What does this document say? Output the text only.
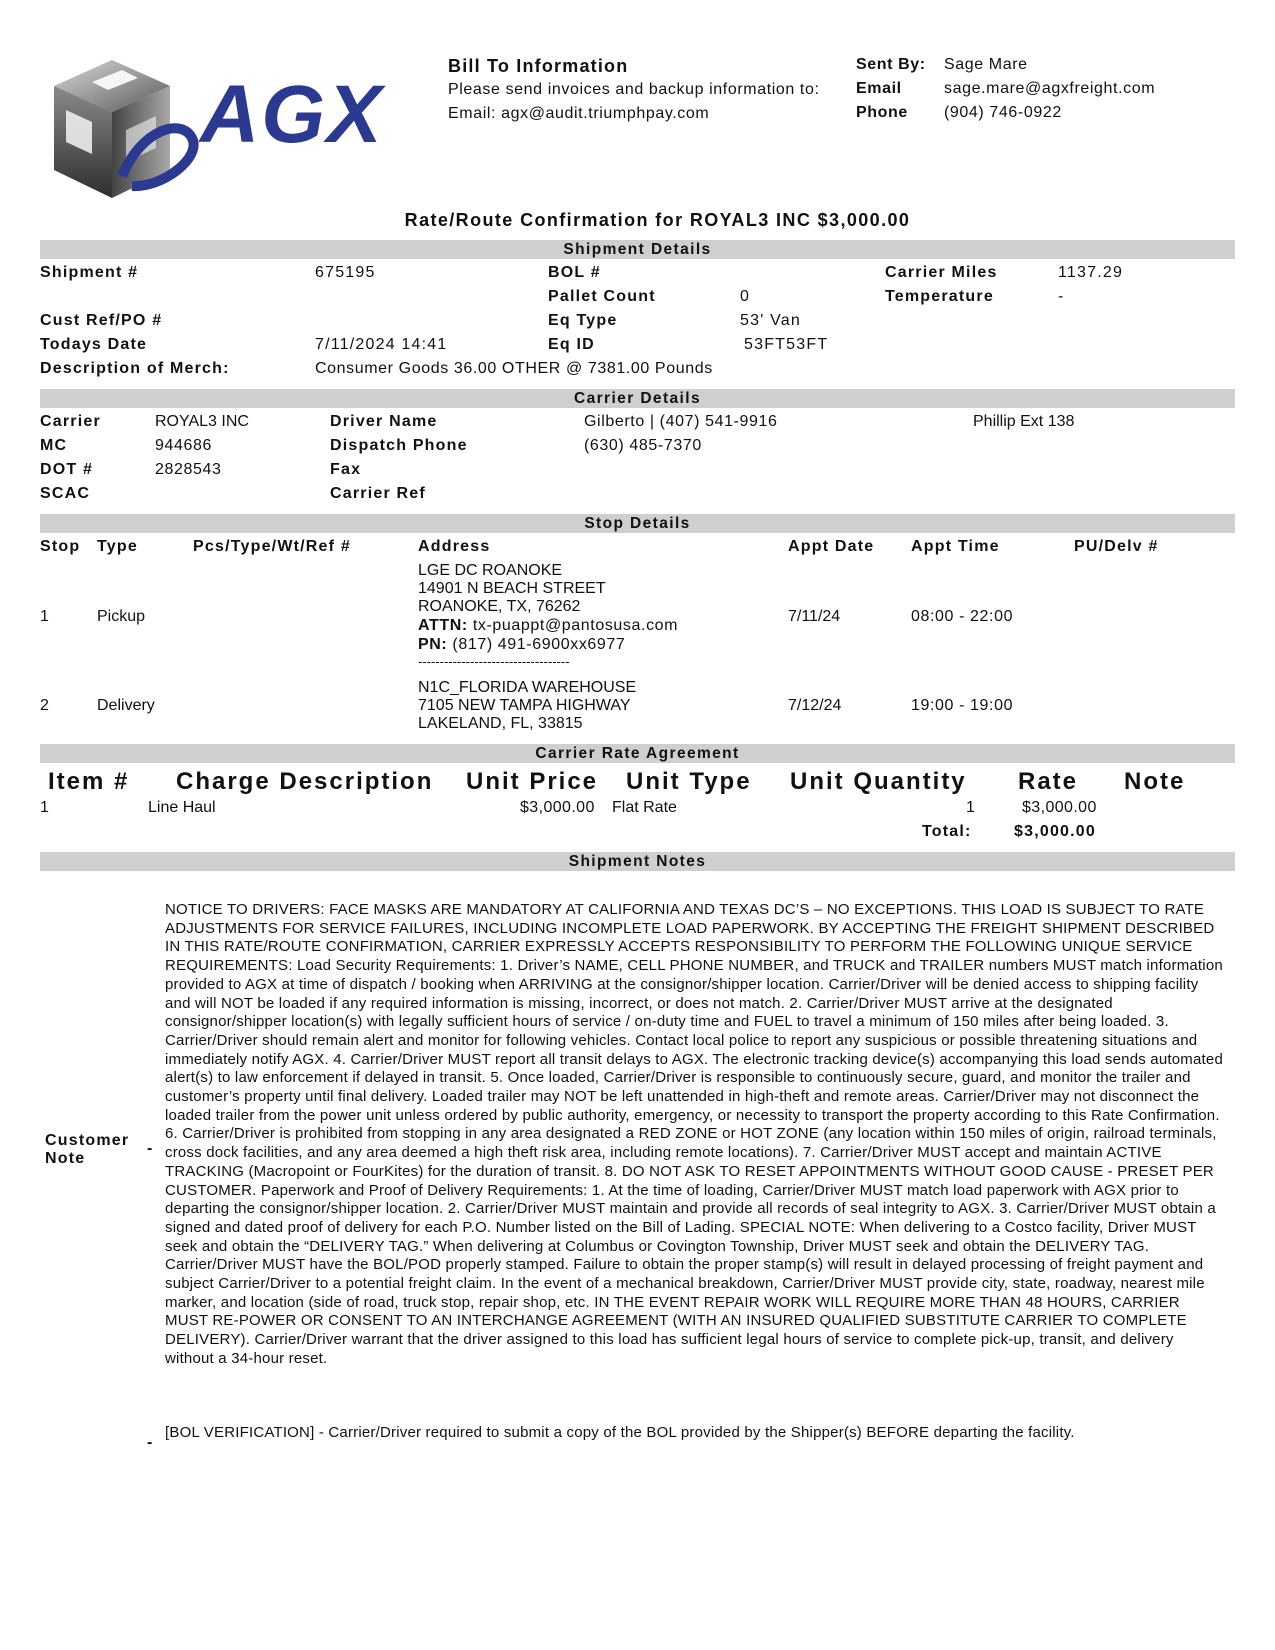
AGX
Bill To Information
Please send invoices and backup information to:
Email: agx@audit.triumphpay.com
Sent By: Sage Mare
Email	sage.mare@agxfreight.com
Phone (904) 746-0922
Rate/Route Confirmation for ROYAL3 INC $3,000.00
Shipment Details
Shipment #	675195	BOL #	Carrier Miles	1137.29
Pallet Count	0	Temperature	-
Cust Ref/PO #	Eq Type	53' Van
Todays Date	7/11/2024 14:41	Eq ID	53FT53FT
Description of Merch:	Consumer Goods 36.00 OTHER @ 7381.00 Pounds
Carrier Details
Carrier	ROYAL3 INC	Driver Name	Gilberto | (407) 541-9916	Phillip Ext 138
MC	944686	Dispatch Phone	(630) 485-7370
DOT #	2828543	Fax
SCAC	Carrier Ref
Stop Details
Stop Type	Pcs/Type/Wt/Ref #	Address	Appt Date Appt Time	PU/Delv #
1	Pickup
LGE DC ROANOKE
14901 N BEACH STREET
ROANOKE, TX, 76262
ATTN: tx-puappt@pantosusa.com
PN: (817) 491-6900xx6977
-----------------------------------
7/11/24	08:00 - 22:00
2	Delivery
N1C_FLORIDA WAREHOUSE
7105 NEW TAMPA HIGHWAY
LAKELAND, FL, 33815
7/12/24	19:00 - 19:00
Carrier Rate Agreement
Item # Charge Description Unit Price Unit Type Unit Quantity Rate Note
1	Line Haul	$3,000.00 Flat Rate	1	$3,000.00
Total:	$3,000.00
Shipment Notes
Customer
Note
-
NOTICE TO DRIVERS: FACE MASKS ARE MANDATORY AT CALIFORNIA AND TEXAS DC’S – NO EXCEPTIONS. THIS LOAD IS SUBJECT TO RATE ADJUSTMENTS FOR SERVICE FAILURES, INCLUDING INCOMPLETE LOAD PAPERWORK. BY ACCEPTING THE FREIGHT SHIPMENT DESCRIBED IN THIS RATE/ROUTE CONFIRMATION, CARRIER EXPRESSLY ACCEPTS RESPONSIBILITY TO PERFORM THE FOLLOWING UNIQUE SERVICE REQUIREMENTS: Load Security Requirements: 1. Driver’s NAME, CELL PHONE NUMBER, and TRUCK and TRAILER numbers MUST match information provided to AGX at time of dispatch / booking when ARRIVING at the consignor/shipper location. Carrier/Driver will be denied access to shipping facility and will NOT be loaded if any required information is missing, incorrect, or does not match. 2. Carrier/Driver MUST arrive at the designated consignor/shipper location(s) with legally sufficient hours of service / on-duty time and FUEL to travel a minimum of 150 miles after being loaded. 3. Carrier/Driver should remain alert and monitor for following vehicles. Contact local police to report any suspicious or possible threatening situations and immediately notify AGX. 4. Carrier/Driver MUST report all transit delays to AGX. The electronic tracking device(s) accompanying this load sends automated alert(s) to law enforcement if delayed in transit. 5. Once loaded, Carrier/Driver is responsible to continuously secure, guard, and monitor the trailer and customer’s property until final delivery. Loaded trailer may NOT be left unattended in high-theft and remote areas. Carrier/Driver may not disconnect the loaded trailer from the power unit unless ordered by public authority, emergency, or necessity to transport the property according to this Rate Confirmation. 6. Carrier/Driver is prohibited from stopping in any area designated a RED ZONE or HOT ZONE (any location within 150 miles of origin, railroad terminals, cross dock facilities, and any area deemed a high theft risk area, including remote locations). 7. Carrier/Driver MUST accept and maintain ACTIVE TRACKING (Macropoint or FourKites) for the duration of transit. 8. DO NOT ASK TO RESET APPOINTMENTS WITHOUT GOOD CAUSE - PRESET PER CUSTOMER. Paperwork and Proof of Delivery Requirements: 1. At the time of loading, Carrier/Driver MUST match load paperwork with AGX prior to departing the consignor/shipper location. 2. Carrier/Driver MUST maintain and provide all records of seal integrity to AGX. 3. Carrier/Driver MUST obtain a signed and dated proof of delivery for each P.O. Number listed on the Bill of Lading. SPECIAL NOTE: When delivering to a Costco facility, Driver MUST seek and obtain the “DELIVERY TAG.” When delivering at Columbus or Covington Township, Driver MUST seek and obtain the DELIVERY TAG. Carrier/Driver MUST have the BOL/POD properly stamped. Failure to obtain the proper stamp(s) will result in delayed processing of freight payment and subject Carrier/Driver to a potential freight claim. In the event of a mechanical breakdown, Carrier/Driver MUST provide city, state, roadway, nearest mile marker, and location (side of road, truck stop, repair shop, etc. IN THE EVENT REPAIR WORK WILL REQUIRE MORE THAN 48 HOURS, CARRIER MUST RE-POWER OR CONSENT TO AN INTERCHANGE AGREEMENT (WITH AN INSURED QUALIFIED SUBSTITUTE CARRIER TO COMPLETE DELIVERY). Carrier/Driver warrant that the driver assigned to this load has sufficient legal hours of service to complete pick-up, transit, and delivery without a 34-hour reset.
-
[BOL VERIFICATION] - Carrier/Driver required to submit a copy of the BOL provided by the Shipper(s) BEFORE departing the facility.
